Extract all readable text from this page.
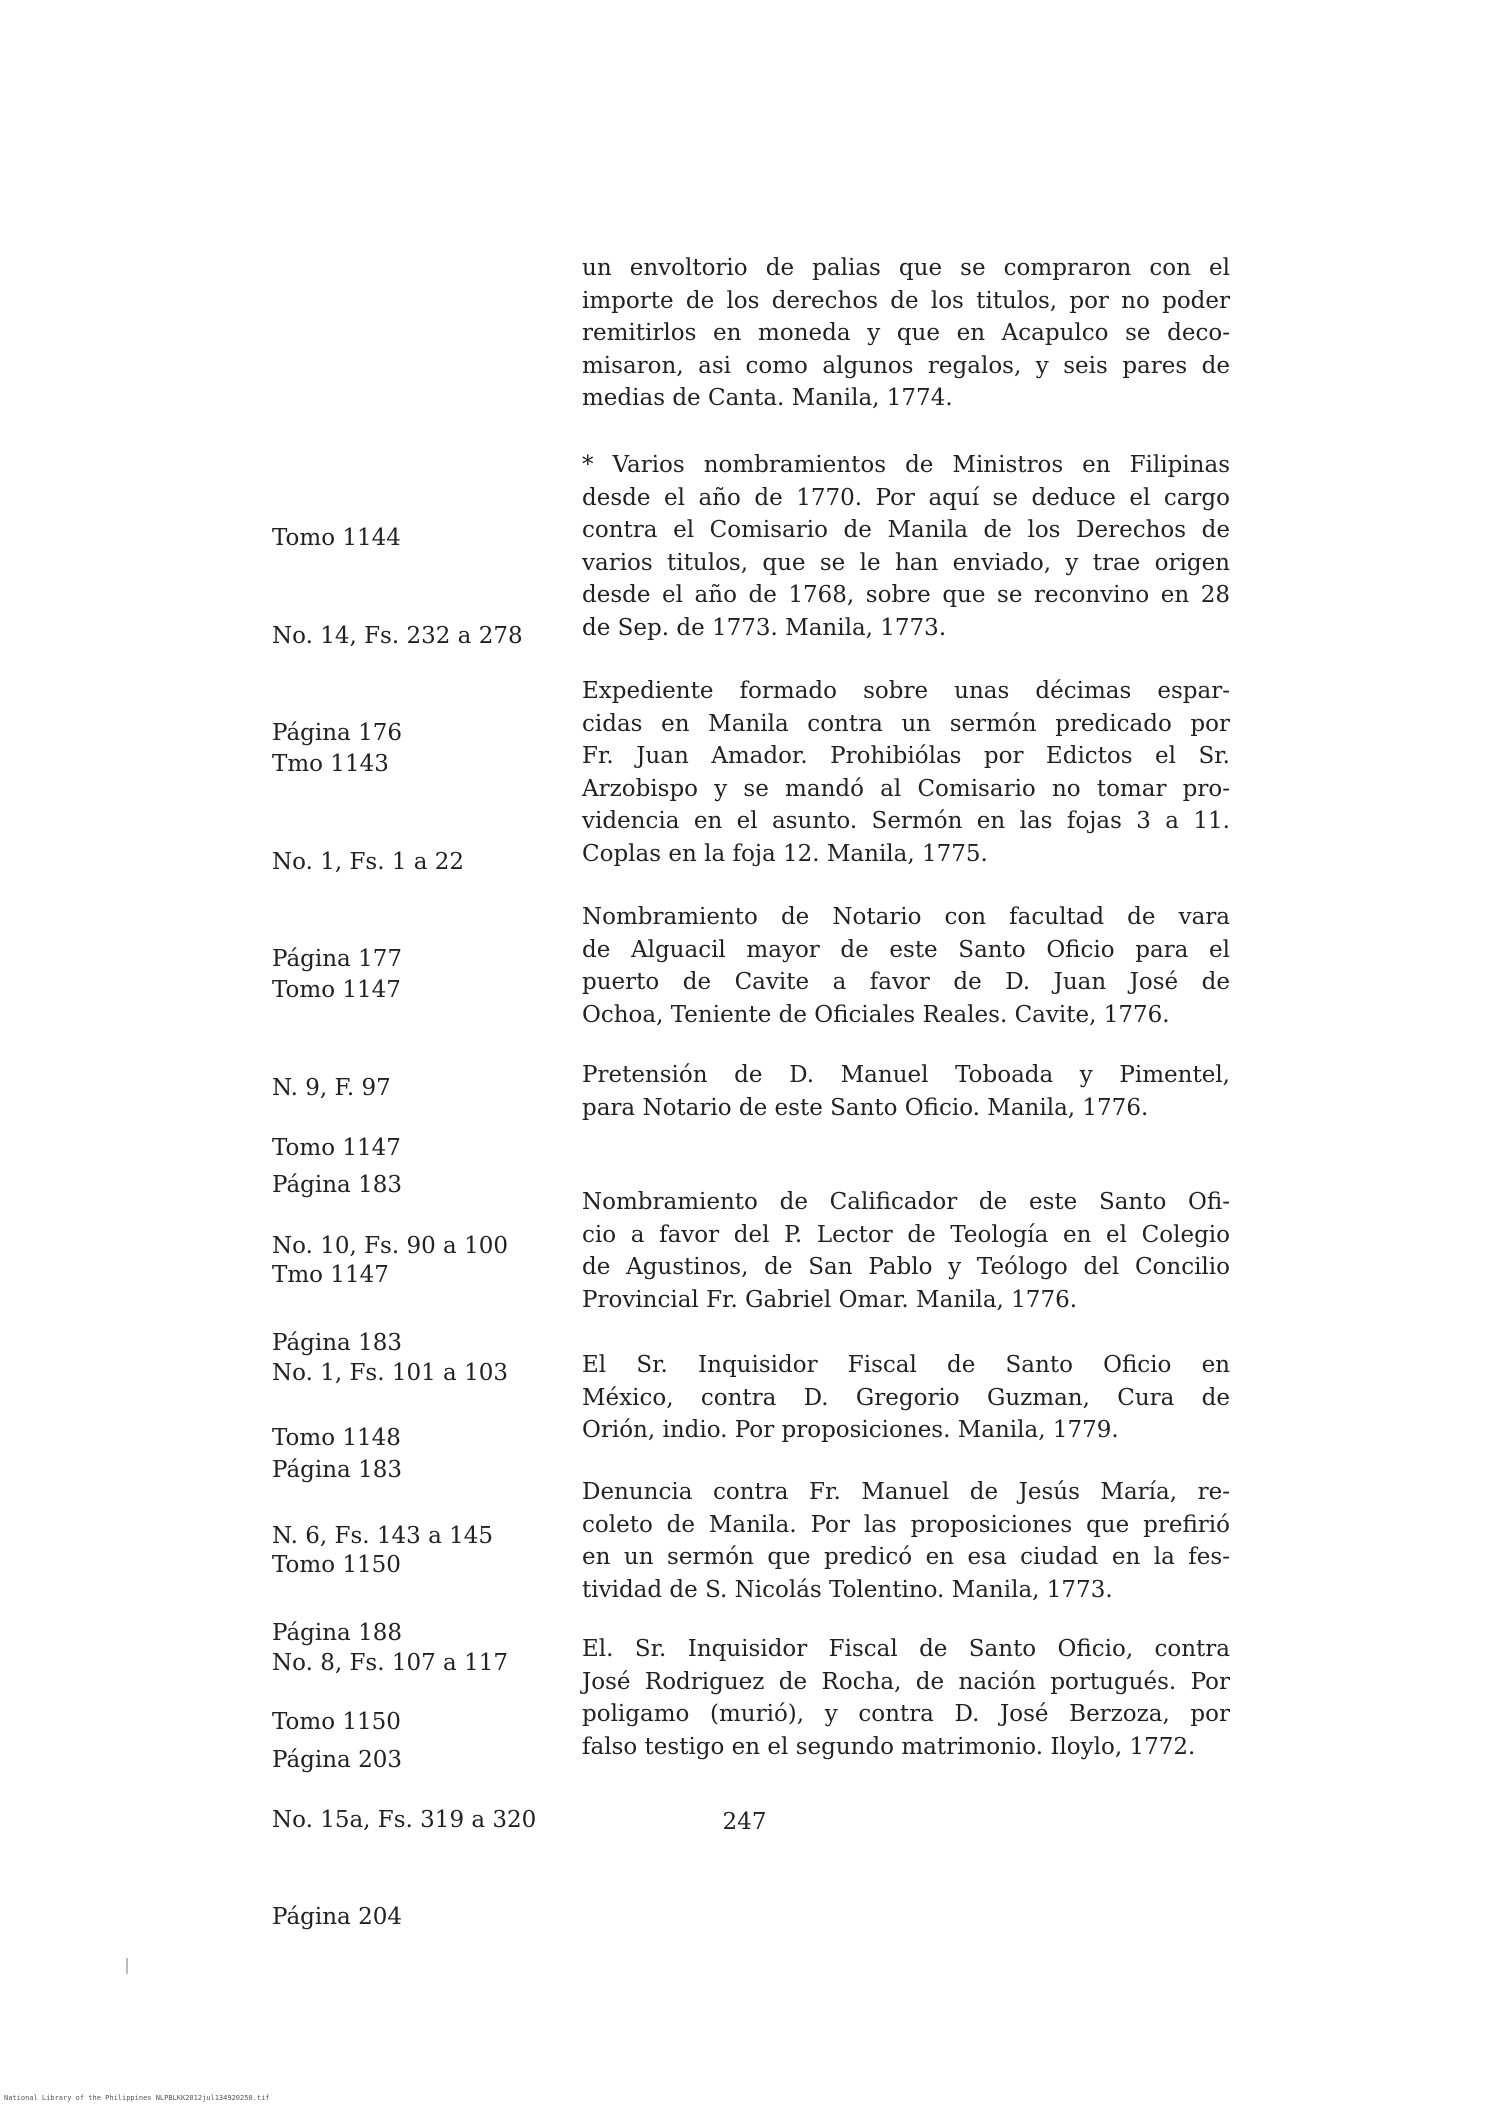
un envoltorio de palias que se compraron con el
importe de los derechos de los titulos, por no poder
remitirlos en moneda y que en Acapulco se deco-
misaron, asi como algunos regalos, y seis pares de
medias de Canta. Manila, 1774.

Tomo 1144

No. 14, Fs. 232 a 278

Página 176

* Varios nombramientos de Ministros en Filipinas
desde el año de 1770. Por aquí se deduce el cargo
contra el Comisario de Manila de los Derechos de
varios titulos, que se le han enviado, y trae origen
desde el año de 1768, sobre que se reconvino en 28
de Sep. de 1773. Manila, 1773.

Tmo 1143

No. 1, Fs. 1 a 22

Página 177

Expediente formado sobre unas décimas espar-
cidas en Manila contra un sermón predicado por
Fr. Juan Amador. Prohibiólas por Edictos el Sr.
Arzobispo y se mandó al Comisario no tomar pro-
videncia en el asunto. Sermón en las fojas 3 a 11.
Coplas en la foja 12. Manila, 1775.

Tomo 1147

N. 9, F. 97

Página 183

Nombramiento de Notario con facultad de vara
de Alguacil mayor de este Santo Oficio para el
puerto de Cavite a favor de D. Juan José de
Ochoa, Teniente de Oficiales Reales. Cavite, 1776.

Tomo 1147

No. 10, Fs. 90 a 100

Página 183

Pretensión de D. Manuel Toboada y Pimentel,
para Notario de este Santo Oficio. Manila, 1776.

Tmo 1147

No. 1, Fs. 101 a 103

Página 183

Nombramiento de Calificador de este Santo Ofi-
cio a favor del P. Lector de Teología en el Colegio
de Agustinos, de San Pablo y Teólogo del Concilio
Provincial Fr. Gabriel Omar. Manila, 1776.

Tomo 1148

N. 6, Fs. 143 a 145

Página 188

El Sr. Inquisidor Fiscal de Santo Oficio en
México, contra D. Gregorio Guzman, Cura de
Orión, indio. Por proposiciones. Manila, 1779.

Tomo 1150

No. 8, Fs. 107 a 117

Página 203

Denuncia contra Fr. Manuel de Jesús María, re-
coleto de Manila. Por las proposiciones que prefirió
en un sermón que predicó en esa ciudad en la fes-
tividad de S. Nicolás Tolentino. Manila, 1773.

Tomo 1150

No. 15a, Fs. 319 a 320

Página 204

El. Sr. Inquisidor Fiscal de Santo Oficio, contra
José Rodriguez de Rocha, de nación portugués. Por
poligamo (murió), y contra D. José Berzoza, por
falso testigo en el segundo matrimonio. Iloylo, 1772.
247
National Library of the Philippines NLPBLKK2012jul134920250.tif
